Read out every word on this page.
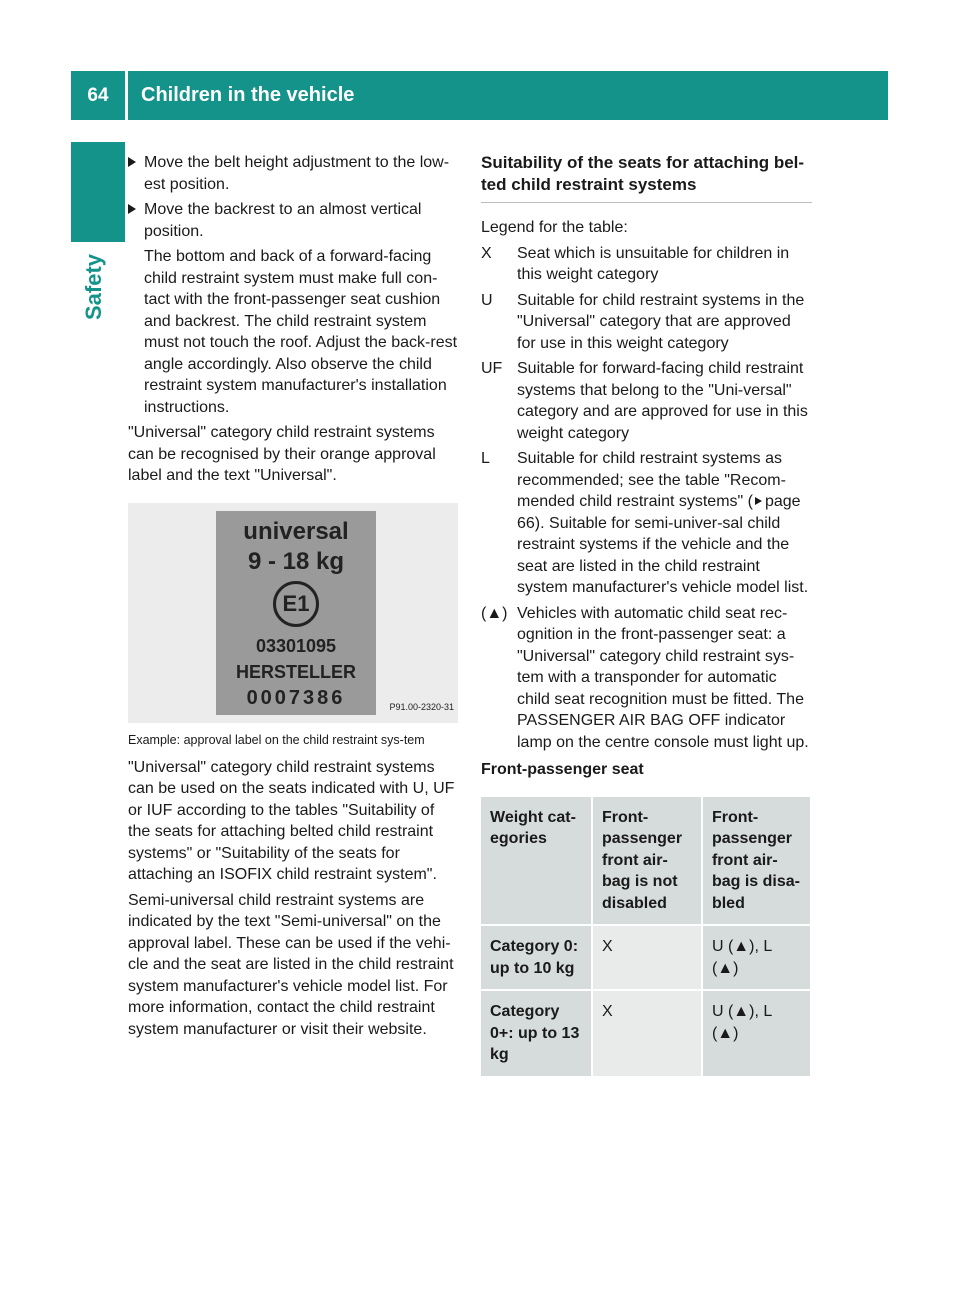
64	Children in the vehicle
Safety
Move the belt height adjustment to the low-est position.
Move the backrest to an almost vertical position.

The bottom and back of a forward-facing child restraint system must make full con-tact with the front-passenger seat cushion and backrest. The child restraint system must not touch the roof. Adjust the back-rest angle accordingly. Also observe the child restraint system manufacturer's installation instructions.

"Universal" category child restraint systems can be recognised by their orange approval label and the text "Universal".

universal
9 - 18 kg
E1
03301095
HERSTELLER
0007386	P91.00-2320-31
Example: approval label on the child restraint sys-tem

"Universal" category child restraint systems can be used on the seats indicated with U, UF or IUF according to the tables "Suitability of the seats for attaching belted child restraint systems" or "Suitability of the seats for attaching an ISOFIX child restraint system".

Semi-universal child restraint systems are indicated by the text "Semi-universal" on the approval label. These can be used if the vehi-cle and the seat are listed in the child restraint system manufacturer's vehicle model list. For more information, contact the child restraint system manufacturer or visit their website.

Suitability of the seats for attaching bel-ted child restraint systems

Legend for the table:

X Seat which is unsuitable for children in this weight category
U Suitable for child restraint systems in the "Universal" category that are approved for use in this weight category
UF Suitable for forward-facing child restraint systems that belong to the "Uni-versal" category and are approved for use in this weight category
L Suitable for child restraint systems as recommended; see the table "Recom-mended child restraint systems" ( page 66). Suitable for semi-univer-sal child restraint systems if the vehicle and the seat are listed in the child restraint system manufacturer's vehicle model list.
(▲) Vehicles with automatic child seat rec-ognition in the front-passenger seat: a "Universal" category child restraint sys-tem with a transponder for automatic child seat recognition must be fitted. The PASSENGER AIR BAG OFF indicator lamp on the centre console must light up.

Front-passenger seat

Weight cat-egories	Front-passenger front air-bag is not disabled	Front-passenger front air-bag is disa-bled
Category 0: up to 10 kg	X	U (▲), L (▲)
Category 0+: up to 13 kg	X	U (▲), L (▲)
